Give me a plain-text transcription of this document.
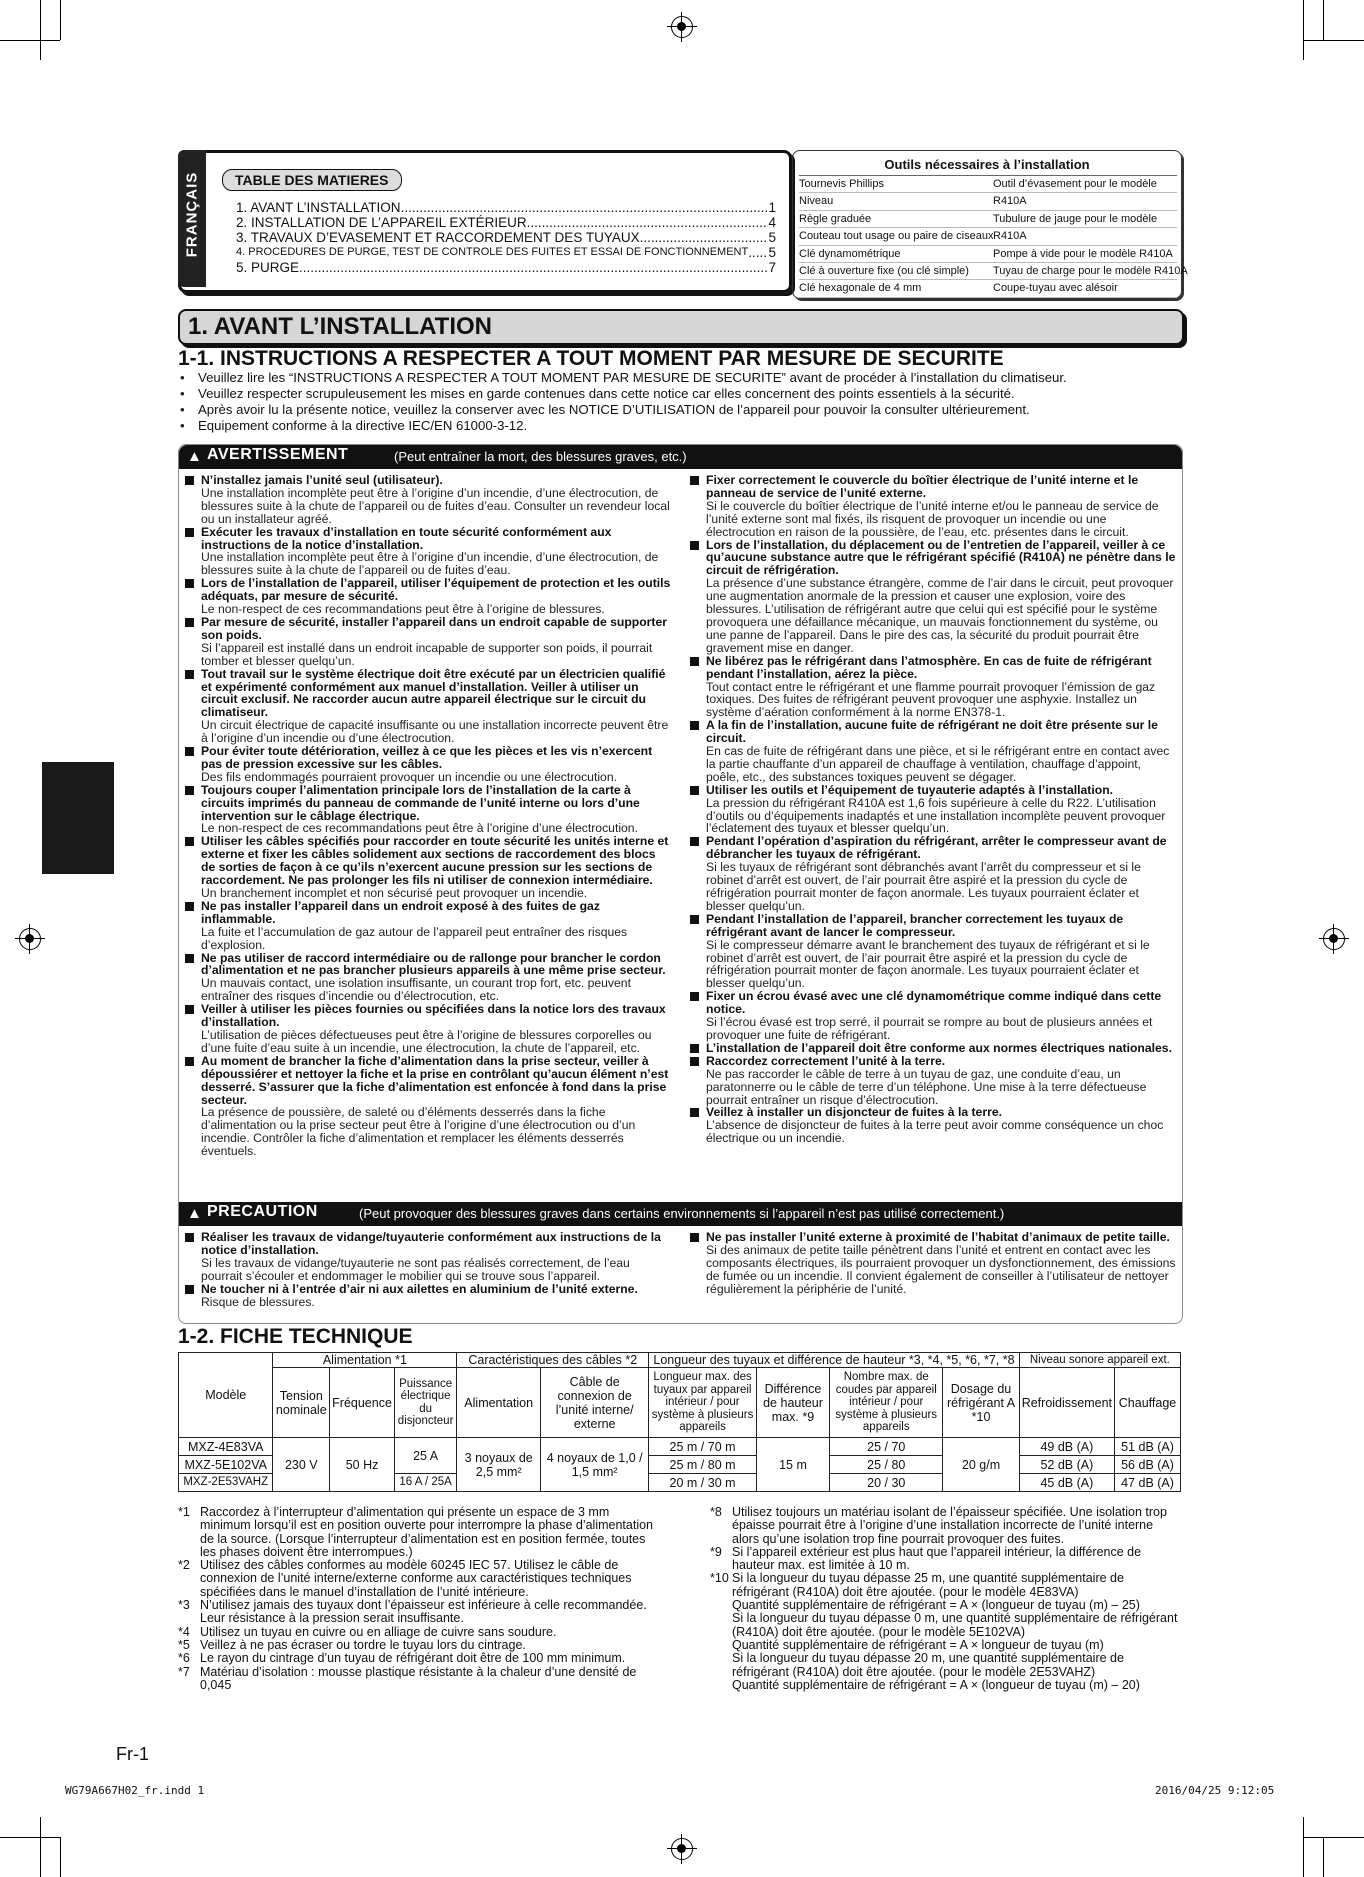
FRANÇAIS	TABLE DES MATIERES
1. AVANT L’INSTALLATION .....	1
2. INSTALLATION DE L’APPAREIL EXTÉRIEUR .....	4
3. TRAVAUX D’EVASEMENT ET RACCORDEMENT DES TUYAUX .....	5
4. PROCEDURES DE PURGE, TEST DE CONTROLE DES FUITES ET ESSAI DE FONCTIONNEMENT ..... 5
5. PURGE .....	7
Outils nécessaires à l’installation
Tournevis Phillips	Outil d’évasement pour le modèle
Niveau	R410A
Règle graduée	Tubulure de jauge pour le modèle
Couteau tout usage ou paire de ciseaux R410A
Clé dynamométrique	Pompe à vide pour le modèle R410A
Clé à ouverture fixe (ou clé simple)	Tuyau de charge pour le modèle R410A
Clé hexagonale de 4 mm	Coupe-tuyau avec alésoir
1. AVANT L’INSTALLATION
1-1. INSTRUCTIONS A RESPECTER A TOUT MOMENT PAR MESURE DE SECURITE
• Veuillez lire les “INSTRUCTIONS A RESPECTER A TOUT MOMENT PAR MESURE DE SECURITE” avant de procéder à l’installation du climatiseur.
• Veuillez respecter scrupuleusement les mises en garde contenues dans cette notice car elles concernent des points essentiels à la sécurité.
• Après avoir lu la présente notice, veuillez la conserver avec les NOTICE D’UTILISATION de l’appareil pour pouvoir la consulter ultérieurement.
• Equipement conforme à la directive IEC/EN 61000-3-12.
▲ AVERTISSEMENT	(Peut entraîner la mort, des blessures graves, etc.)
N’installez jamais l’unité seul (utilisateur).
Une installation incomplète peut être à l’origine d’un incendie, d’une électrocution, de blessures suite à la chute de l’appareil ou de fuites d’eau. Consulter un revendeur local ou un installateur agréé.
Exécuter les travaux d’installation en toute sécurité conformément aux instructions de la notice d’installation.
Une installation incomplète peut être à l’origine d’un incendie, d’une électrocution, de blessures suite à la chute de l’appareil ou de fuites d’eau.
Lors de l’installation de l’appareil, utiliser l’équipement de protection et les outils adéquats, par mesure de sécurité.
Le non-respect de ces recommandations peut être à l’origine de blessures.
Par mesure de sécurité, installer l’appareil dans un endroit capable de supporter son poids.
Si l’appareil est installé dans un endroit incapable de supporter son poids, il pourrait tomber et blesser quelqu’un.
Tout travail sur le système électrique doit être exécuté par un électricien qualifié et expérimenté conformément aux manuel d’installation. Veiller à utiliser un circuit exclusif. Ne raccorder aucun autre appareil électrique sur le circuit du climatiseur.
Un circuit électrique de capacité insuffisante ou une installation incorrecte peuvent être à l’origine d’un incendie ou d’une électrocution.
Pour éviter toute détérioration, veillez à ce que les pièces et les vis n’exercent pas de pression excessive sur les câbles.
Des fils endommagés pourraient provoquer un incendie ou une électrocution.
Toujours couper l’alimentation principale lors de l’installation de la carte à circuits imprimés du panneau de commande de l’unité interne ou lors d’une intervention sur le câblage électrique.
Le non-respect de ces recommandations peut être à l’origine d’une électrocution.
Utiliser les câbles spécifiés pour raccorder en toute sécurité les unités interne et externe et fixer les câbles solidement aux sections de raccordement des blocs de sorties de façon à ce qu’ils n’exercent aucune pression sur les sections de raccordement. Ne pas prolonger les fils ni utiliser de connexion intermédiaire.
Un branchement incomplet et non sécurisé peut provoquer un incendie.
Ne pas installer l’appareil dans un endroit exposé à des fuites de gaz inflammable.
La fuite et l’accumulation de gaz autour de l’appareil peut entraîner des risques d’explosion.
Ne pas utiliser de raccord intermédiaire ou de rallonge pour brancher le cordon d’alimentation et ne pas brancher plusieurs appareils à une même prise secteur.
Un mauvais contact, une isolation insuffisante, un courant trop fort, etc. peuvent entraîner des risques d’incendie ou d’électrocution, etc.
Veiller à utiliser les pièces fournies ou spécifiées dans la notice lors des travaux d’installation.
L’utilisation de pièces défectueuses peut être à l’origine de blessures corporelles ou d’une fuite d’eau suite à un incendie, une électrocution, la chute de l’appareil, etc.
Au moment de brancher la fiche d’alimentation dans la prise secteur, veiller à dépoussiérer et nettoyer la fiche et la prise en contrôlant qu’aucun élément n’est desserré. S’assurer que la fiche d’alimentation est enfoncée à fond dans la prise secteur.
La présence de poussière, de saleté ou d’éléments desserrés dans la fiche d’alimentation ou la prise secteur peut être à l’origine d’une électrocution ou d’un incendie. Contrôler la fiche d’alimentation et remplacer les éléments desserrés éventuels.
Fixer correctement le couvercle du boîtier électrique de l’unité interne et le panneau de service de l’unité externe.
Si le couvercle du boîtier électrique de l’unité interne et/ou le panneau de service de l’unité externe sont mal fixés, ils risquent de provoquer un incendie ou une électrocution en raison de la poussière, de l’eau, etc. présentes dans le circuit.
Lors de l’installation, du déplacement ou de l’entretien de l’appareil, veiller à ce qu’aucune substance autre que le réfrigérant spécifié (R410A) ne pénètre dans le circuit de réfrigération.
La présence d’une substance étrangère, comme de l’air dans le circuit, peut provoquer une augmentation anormale de la pression et causer une explosion, voire des blessures. L’utilisation de réfrigérant autre que celui qui est spécifié pour le système provoquera une défaillance mécanique, un mauvais fonctionnement du système, ou une panne de l’appareil. Dans le pire des cas, la sécurité du produit pourrait être gravement mise en danger.
Ne libérez pas le réfrigérant dans l’atmosphère. En cas de fuite de réfrigérant pendant l’installation, aérez la pièce.
Tout contact entre le réfrigérant et une flamme pourrait provoquer l’émission de gaz toxiques. Des fuites de réfrigérant peuvent provoquer une asphyxie. Installez un système d’aération conformément à la norme EN378-1.
A la fin de l’installation, aucune fuite de réfrigérant ne doit être présente sur le circuit.
En cas de fuite de réfrigérant dans une pièce, et si le réfrigérant entre en contact avec la partie chauffante d’un appareil de chauffage à ventilation, chauffage d’appoint, poêle, etc., des substances toxiques peuvent se dégager.
Utiliser les outils et l’équipement de tuyauterie adaptés à l’installation.
La pression du réfrigérant R410A est 1,6 fois supérieure à celle du R22. L’utilisation d’outils ou d’équipements inadaptés et une installation incomplète peuvent provoquer l’éclatement des tuyaux et blesser quelqu’un.
Pendant l’opération d’aspiration du réfrigérant, arrêter le compresseur avant de débrancher les tuyaux de réfrigérant.
Si les tuyaux de réfrigérant sont débranchés avant l’arrêt du compresseur et si le robinet d’arrêt est ouvert, de l’air pourrait être aspiré et la pression du cycle de réfrigération pourrait monter de façon anormale. Les tuyaux pourraient éclater et blesser quelqu’un.
Pendant l’installation de l’appareil, brancher correctement les tuyaux de réfrigérant avant de lancer le compresseur.
Si le compresseur démarre avant le branchement des tuyaux de réfrigérant et si le robinet d’arrêt est ouvert, de l’air pourrait être aspiré et la pression du cycle de réfrigération pourrait monter de façon anormale. Les tuyaux pourraient éclater et blesser quelqu’un.
Fixer un écrou évasé avec une clé dynamométrique comme indiqué dans cette notice.
Si l’écrou évasé est trop serré, il pourrait se rompre au bout de plusieurs années et provoquer une fuite de réfrigérant.
L’installation de l’appareil doit être conforme aux normes électriques nationales.
Raccordez correctement l’unité à la terre.
Ne pas raccorder le câble de terre à un tuyau de gaz, une conduite d’eau, un paratonnerre ou le câble de terre d’un téléphone. Une mise à la terre défectueuse pourrait entraîner un risque d’électrocution.
Veillez à installer un disjoncteur de fuites à la terre.
L’absence de disjoncteur de fuites à la terre peut avoir comme conséquence un choc électrique ou un incendie.
▲ PRECAUTION	(Peut provoquer des blessures graves dans certains environnements si l’appareil n’est pas utilisé correctement.)
Réaliser les travaux de vidange/tuyauterie conformément aux instructions de la notice d’installation.
Si les travaux de vidange/tuyauterie ne sont pas réalisés correctement, de l’eau pourrait s’écouler et endommager le mobilier qui se trouve sous l’appareil.
Ne toucher ni à l’entrée d’air ni aux ailettes en aluminium de l’unité externe.
Risque de blessures.
Ne pas installer l’unité externe à proximité de l’habitat d’animaux de petite taille.
Si des animaux de petite taille pénètrent dans l’unité et entrent en contact avec les composants électriques, ils pourraient provoquer un dysfonctionnement, des émissions de fumée ou un incendie. Il convient également de conseiller à l’utilisateur de nettoyer régulièrement la périphérie de l’unité.
1-2. FICHE TECHNIQUE
Modèle	Alimentation *1			Caractéristiques des câbles *2		Longueur des tuyaux et différence de hauteur *3, *4, *5, *6, *7, *8				Niveau sonore appareil ext.	
	Tension nominale	Fréquence	Puissance électrique du disjoncteur	Alimentation	Câble de connexion de l’unité interne/ externe	Longueur max. des tuyaux par appareil intérieur / pour système à plusieurs appareils	Différence de hauteur max. *9	Nombre max. de coudes par appareil intérieur / pour système à plusieurs appareils	Dosage du réfrigérant A *10	Refroidissement	Chauffage
MXZ-4E83VA	230 V	50 Hz	25 A	3 noyaux de 2,5 mm²	4 noyaux de 1,0 / 1,5 mm²	25 m / 70 m	15 m	25 / 70	20 g/m	49 dB (A)	51 dB (A)
MXZ-5E102VA						25 m / 80 m		25 / 80		52 dB (A)	56 dB (A)
MXZ-2E53VAHZ			16 A / 25A			20 m / 30 m		20 / 30		45 dB (A)	47 dB (A)
*1 Raccordez à l’interrupteur d’alimentation qui présente un espace de 3 mm minimum lorsqu’il est en position ouverte pour interrompre la phase d’alimentation de la source. (Lorsque l’interrupteur d’alimentation est en position fermée, toutes les phases doivent être interrompues.)
*2 Utilisez des câbles conformes au modèle 60245 IEC 57. Utilisez le câble de connexion de l’unité interne/externe conforme aux caractéristiques techniques spécifiées dans le manuel d’installation de l’unité intérieure.
*3 N’utilisez jamais des tuyaux dont l’épaisseur est inférieure à celle recommandée. Leur résistance à la pression serait insuffisante.
*4 Utilisez un tuyau en cuivre ou en alliage de cuivre sans soudure.
*5 Veillez à ne pas écraser ou tordre le tuyau lors du cintrage.
*6 Le rayon du cintrage d’un tuyau de réfrigérant doit être de 100 mm minimum.
*7 Matériau d’isolation : mousse plastique résistante à la chaleur d’une densité de 0,045
*8 Utilisez toujours un matériau isolant de l’épaisseur spécifiée. Une isolation trop épaisse pourrait être à l’origine d’une installation incorrecte de l’unité interne alors qu’une isolation trop fine pourrait provoquer des fuites.
*9 Si l’appareil extérieur est plus haut que l’appareil intérieur, la différence de hauteur max. est limitée à 10 m.
*10 Si la longueur du tuyau dépasse 25 m, une quantité supplémentaire de réfrigérant (R410A) doit être ajoutée. (pour le modèle 4E83VA)
Quantité supplémentaire de réfrigérant = A × (longueur de tuyau (m) – 25)
Si la longueur du tuyau dépasse 0 m, une quantité supplémentaire de réfrigérant (R410A) doit être ajoutée. (pour le modèle 5E102VA)
Quantité supplémentaire de réfrigérant = A × longueur de tuyau (m)
Si la longueur du tuyau dépasse 20 m, une quantité supplémentaire de réfrigérant (R410A) doit être ajoutée. (pour le modèle 2E53VAHZ)
Quantité supplémentaire de réfrigérant = A × (longueur de tuyau (m) – 20)
Fr-1
WG79A667H02_fr.indd 1	2016/04/25 9:12:05
